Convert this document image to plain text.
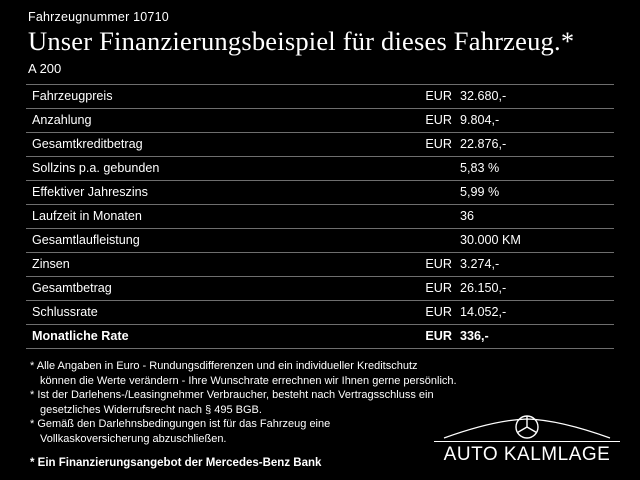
Fahrzeugnummer 10710
Unser Finanzierungsbeispiel für dieses Fahrzeug.*
A 200
Fahrzeugpreis	EUR	32.680,-
Anzahlung	EUR	9.804,-
Gesamtkreditbetrag	EUR	22.876,-
Sollzins p.a. gebunden		5,83 %
Effektiver Jahreszins		5,99 %
Laufzeit in Monaten		36
Gesamtlaufleistung		30.000 KM
Zinsen	EUR	3.274,-
Gesamtbetrag	EUR	26.150,-
Schlussrate	EUR	14.052,-
Monatliche Rate	EUR	336,-

* Alle Angaben in Euro - Rundungsdifferenzen und ein individueller Kreditschutz

können die Werte verändern - Ihre Wunschrate errechnen wir Ihnen gerne persönlich.

* Ist der Darlehens-/Leasingnehmer Verbraucher, besteht nach Vertragsschluss ein

gesetzliches Widerrufsrecht nach § 495 BGB.

* Gemäß den Darlehnsbedingungen ist für das Fahrzeug eine

Vollkaskoversicherung abzuschließen.

* Ein Finanzierungsangebot der Mercedes-Benz Bank	AUTO KALMLAGE
